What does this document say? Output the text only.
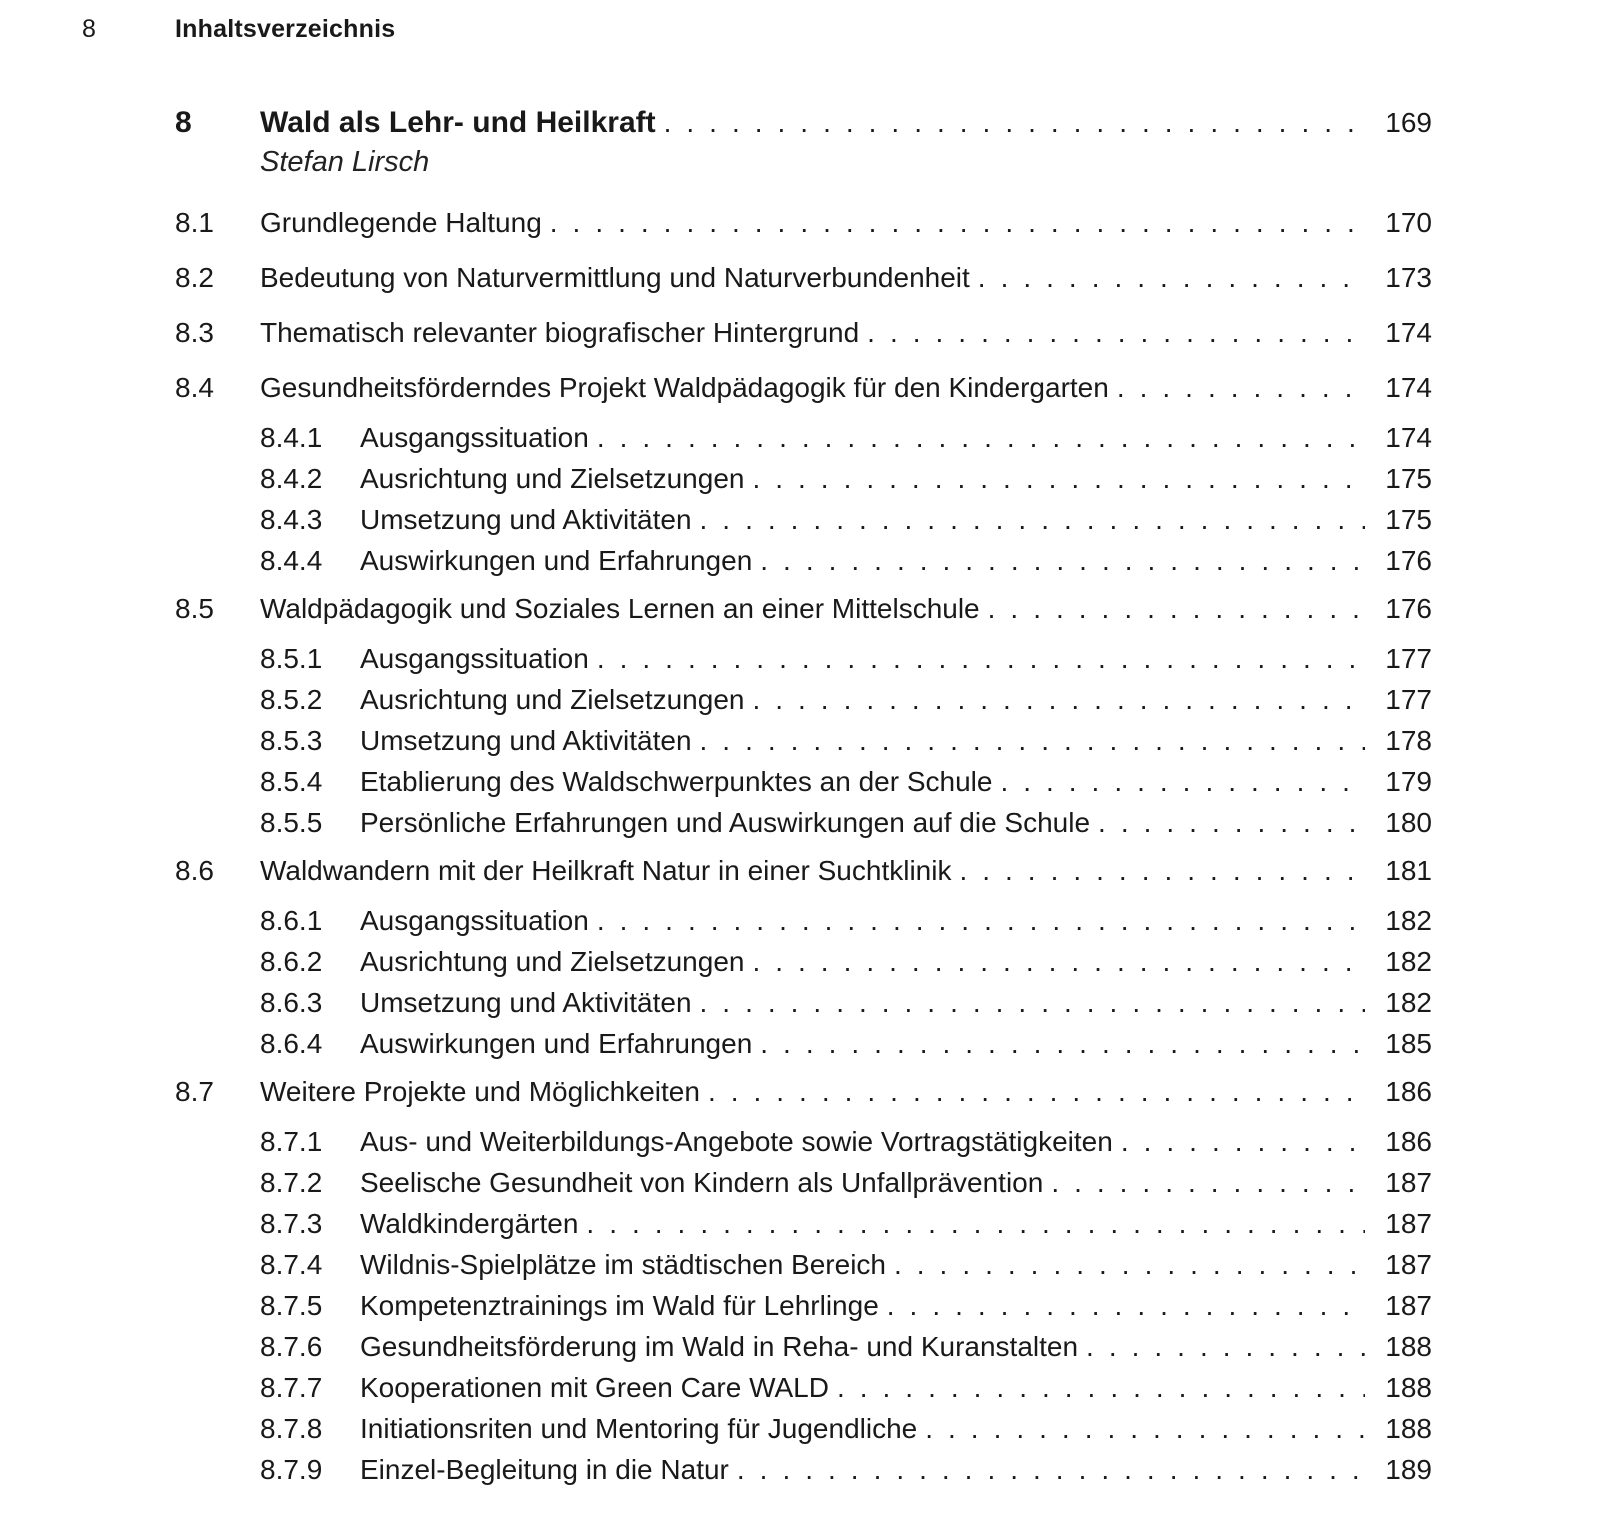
8	Inhaltsverzeichnis
8	Wald als Lehr- und Heilkraft .....	169
Stefan Lirsch
8.1	Grundlegende Haltung .....	170
8.2	Bedeutung von Naturvermittlung und Naturverbundenheit .....	173
8.3	Thematisch relevanter biografischer Hintergrund .....	174
8.4	Gesundheitsförderndes Projekt Waldpädagogik für den Kindergarten .....	174
8.4.1	Ausgangssituation .....	174
8.4.2	Ausrichtung und Zielsetzungen .....	175
8.4.3	Umsetzung und Aktivitäten .....	175
8.4.4	Auswirkungen und Erfahrungen .....	176
8.5	Waldpädagogik und Soziales Lernen an einer Mittelschule .....	176
8.5.1	Ausgangssituation .....	177
8.5.2	Ausrichtung und Zielsetzungen .....	177
8.5.3	Umsetzung und Aktivitäten .....	178
8.5.4	Etablierung des Waldschwerpunktes an der Schule .....	179
8.5.5	Persönliche Erfahrungen und Auswirkungen auf die Schule .....	180
8.6	Waldwandern mit der Heilkraft Natur in einer Suchtklinik .....	181
8.6.1	Ausgangssituation .....	182
8.6.2	Ausrichtung und Zielsetzungen .....	182
8.6.3	Umsetzung und Aktivitäten .....	182
8.6.4	Auswirkungen und Erfahrungen .....	185
8.7	Weitere Projekte und Möglichkeiten .....	186
8.7.1	Aus- und Weiterbildungs-Angebote sowie Vortragstätigkeiten .....	186
8.7.2	Seelische Gesundheit von Kindern als Unfallprävention .....	187
8.7.3	Waldkindergärten .....	187
8.7.4	Wildnis-Spielplätze im städtischen Bereich .....	187
8.7.5	Kompetenztrainings im Wald für Lehrlinge .....	187
8.7.6	Gesundheitsförderung im Wald in Reha- und Kuranstalten .....	188
8.7.7	Kooperationen mit Green Care WALD .....	188
8.7.8	Initiationsriten und Mentoring für Jugendliche .....	188
8.7.9	Einzel-Begleitung in die Natur .....	189
